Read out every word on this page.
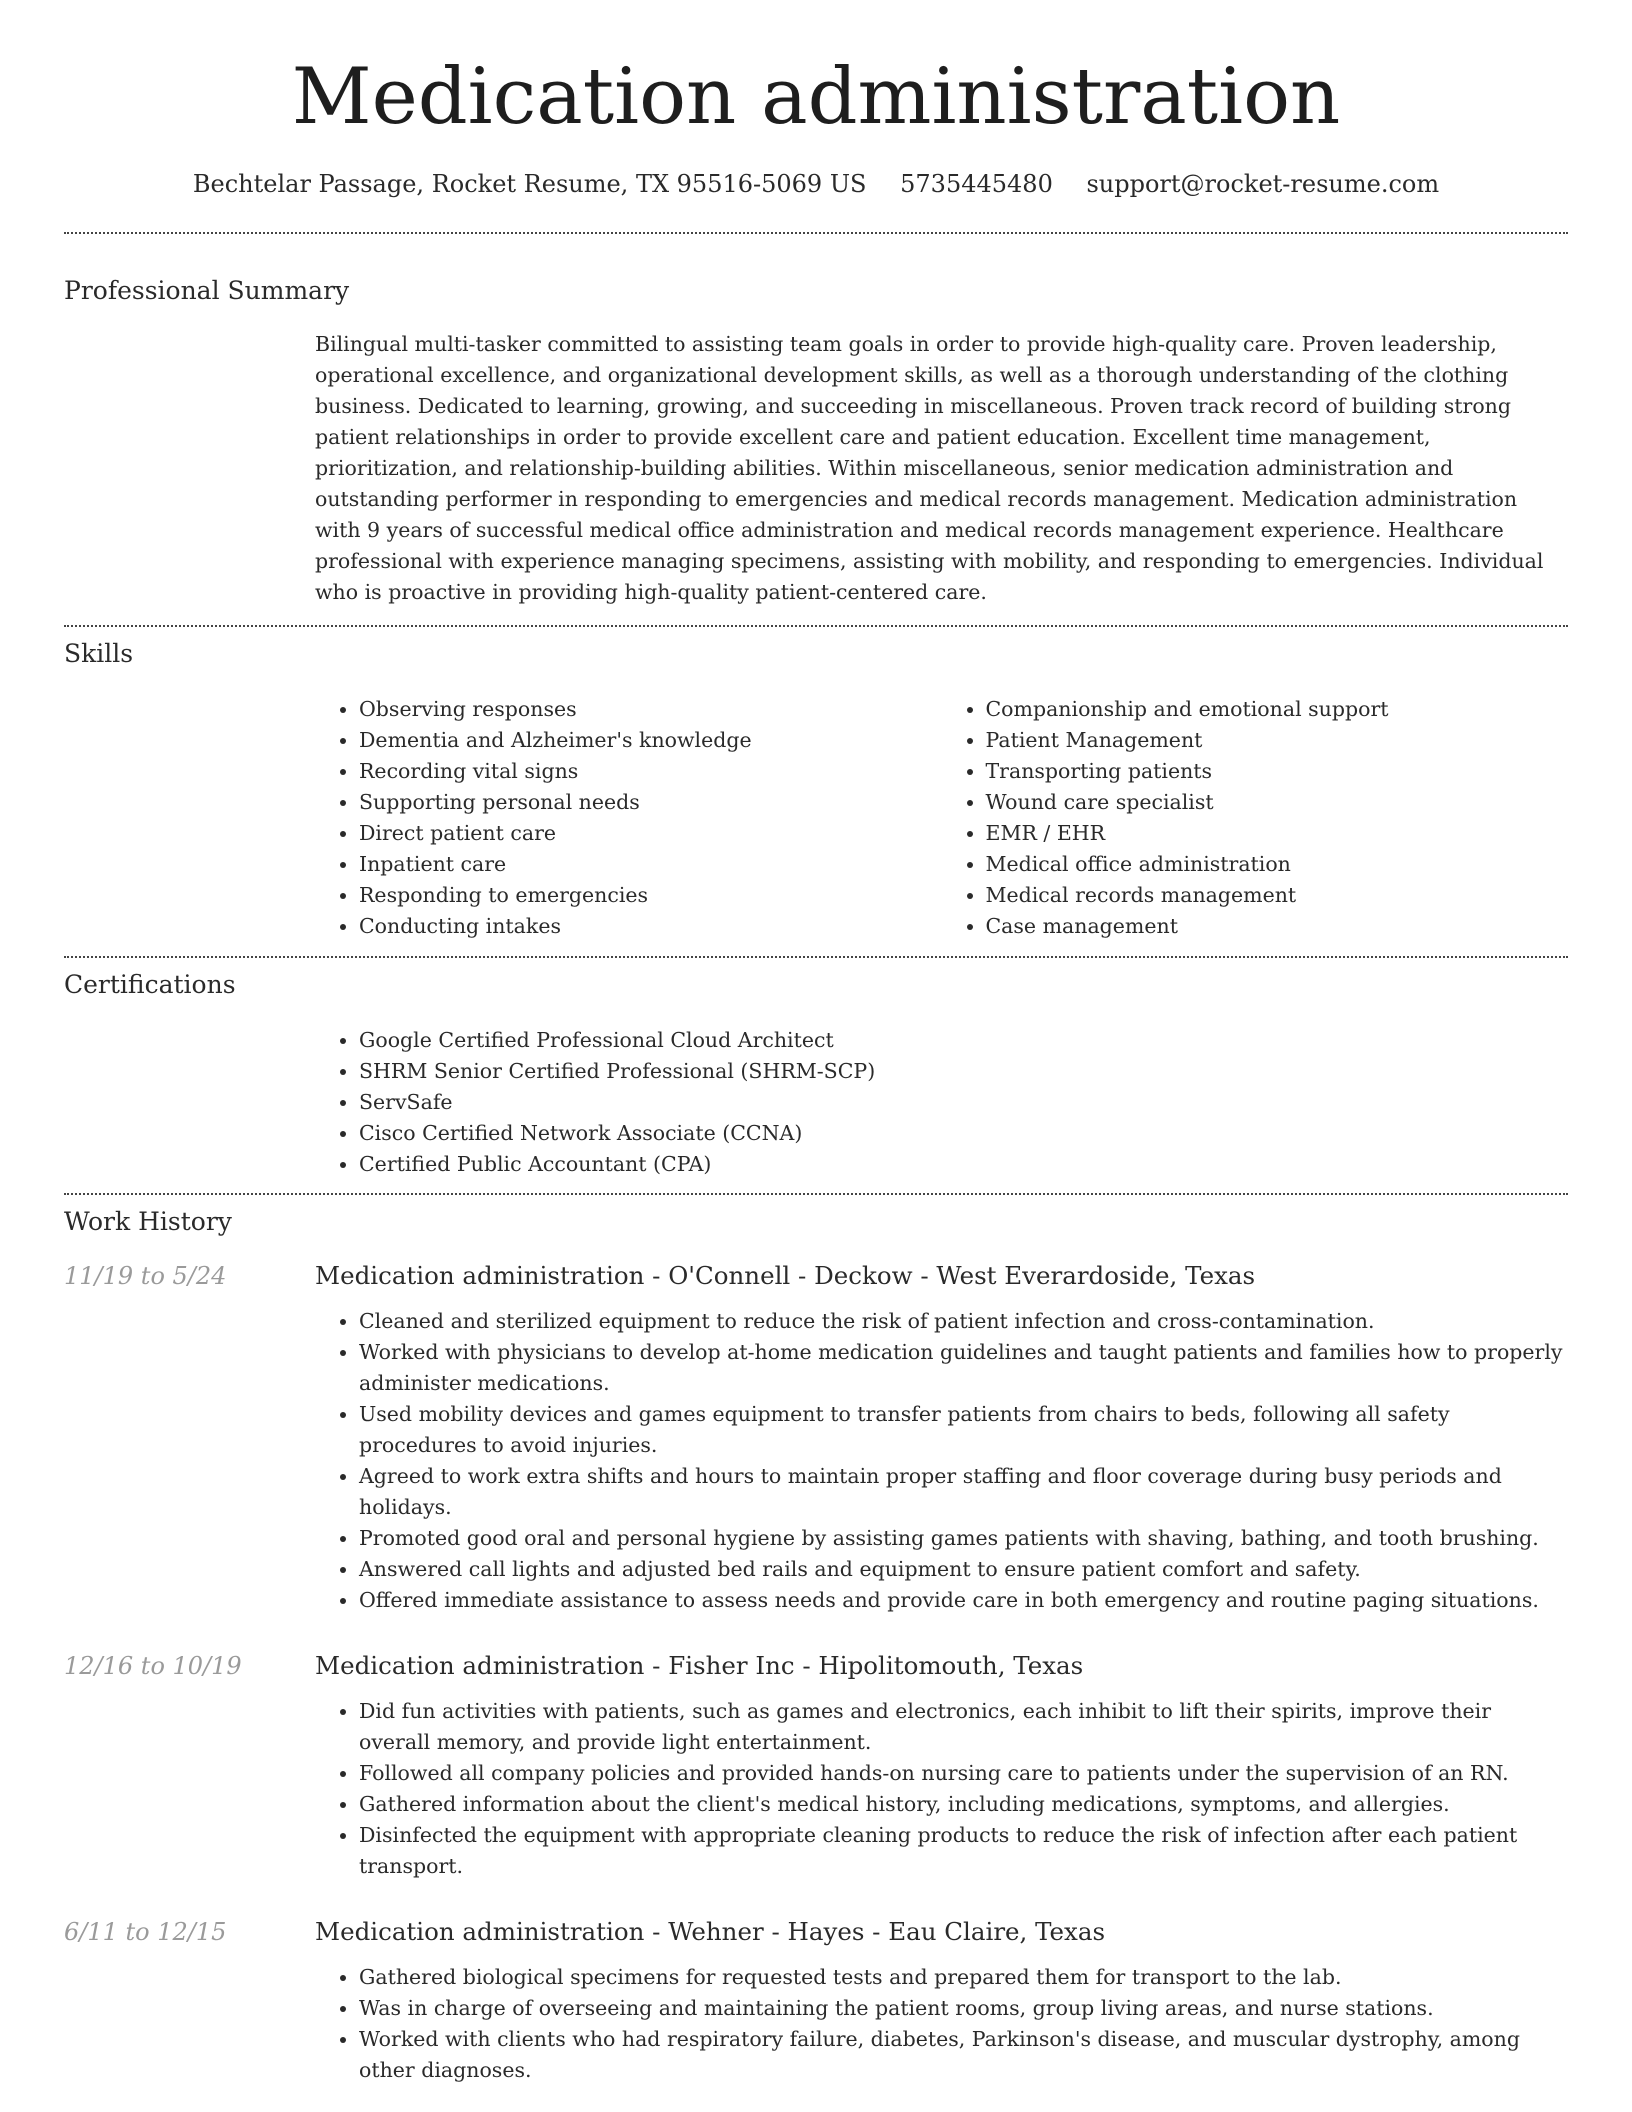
Medication administration
Bechtelar Passage, Rocket Resume, TX 95516-5069 US 5735445480 support@rocket-resume.com
Professional Summary
Bilingual multi-tasker committed to assisting team goals in order to provide high-quality care. Proven leadership, operational excellence, and organizational development skills, as well as a thorough understanding of the clothing business. Dedicated to learning, growing, and succeeding in miscellaneous. Proven track record of building strong patient relationships in order to provide excellent care and patient education. Excellent time management, prioritization, and relationship-building abilities. Within miscellaneous, senior medication administration and outstanding performer in responding to emergencies and medical records management. Medication administration with 9 years of successful medical office administration and medical records management experience. Healthcare professional with experience managing specimens, assisting with mobility, and responding to emergencies. Individual who is proactive in providing high-quality patient-centered care.
Skills
• Observing responses
• Dementia and Alzheimer's knowledge
• Recording vital signs
• Supporting personal needs
• Direct patient care
• Inpatient care
• Responding to emergencies
• Conducting intakes
• Companionship and emotional support
• Patient Management
• Transporting patients
• Wound care specialist
• EMR / EHR
• Medical office administration
• Medical records management
• Case management
Certifications
• Google Certified Professional Cloud Architect
• SHRM Senior Certified Professional (SHRM-SCP)
• ServSafe
• Cisco Certified Network Associate (CCNA)
• Certified Public Accountant (CPA)
Work History
11/19 to 5/24	Medication administration - O'Connell - Deckow - West Everardoside, Texas
• Cleaned and sterilized equipment to reduce the risk of patient infection and cross-contamination.
• Worked with physicians to develop at-home medication guidelines and taught patients and families how to properly administer medications.
• Used mobility devices and games equipment to transfer patients from chairs to beds, following all safety procedures to avoid injuries.
• Agreed to work extra shifts and hours to maintain proper staffing and floor coverage during busy periods and holidays.
• Promoted good oral and personal hygiene by assisting games patients with shaving, bathing, and tooth brushing.
• Answered call lights and adjusted bed rails and equipment to ensure patient comfort and safety.
• Offered immediate assistance to assess needs and provide care in both emergency and routine paging situations.
12/16 to 10/19	Medication administration - Fisher Inc - Hipolitomouth, Texas
• Did fun activities with patients, such as games and electronics, each inhibit to lift their spirits, improve their overall memory, and provide light entertainment.
• Followed all company policies and provided hands-on nursing care to patients under the supervision of an RN.
• Gathered information about the client's medical history, including medications, symptoms, and allergies.
• Disinfected the equipment with appropriate cleaning products to reduce the risk of infection after each patient transport.
6/11 to 12/15	Medication administration - Wehner - Hayes - Eau Claire, Texas
• Gathered biological specimens for requested tests and prepared them for transport to the lab.
• Was in charge of overseeing and maintaining the patient rooms, group living areas, and nurse stations.
• Worked with clients who had respiratory failure, diabetes, Parkinson's disease, and muscular dystrophy, among other diagnoses.
